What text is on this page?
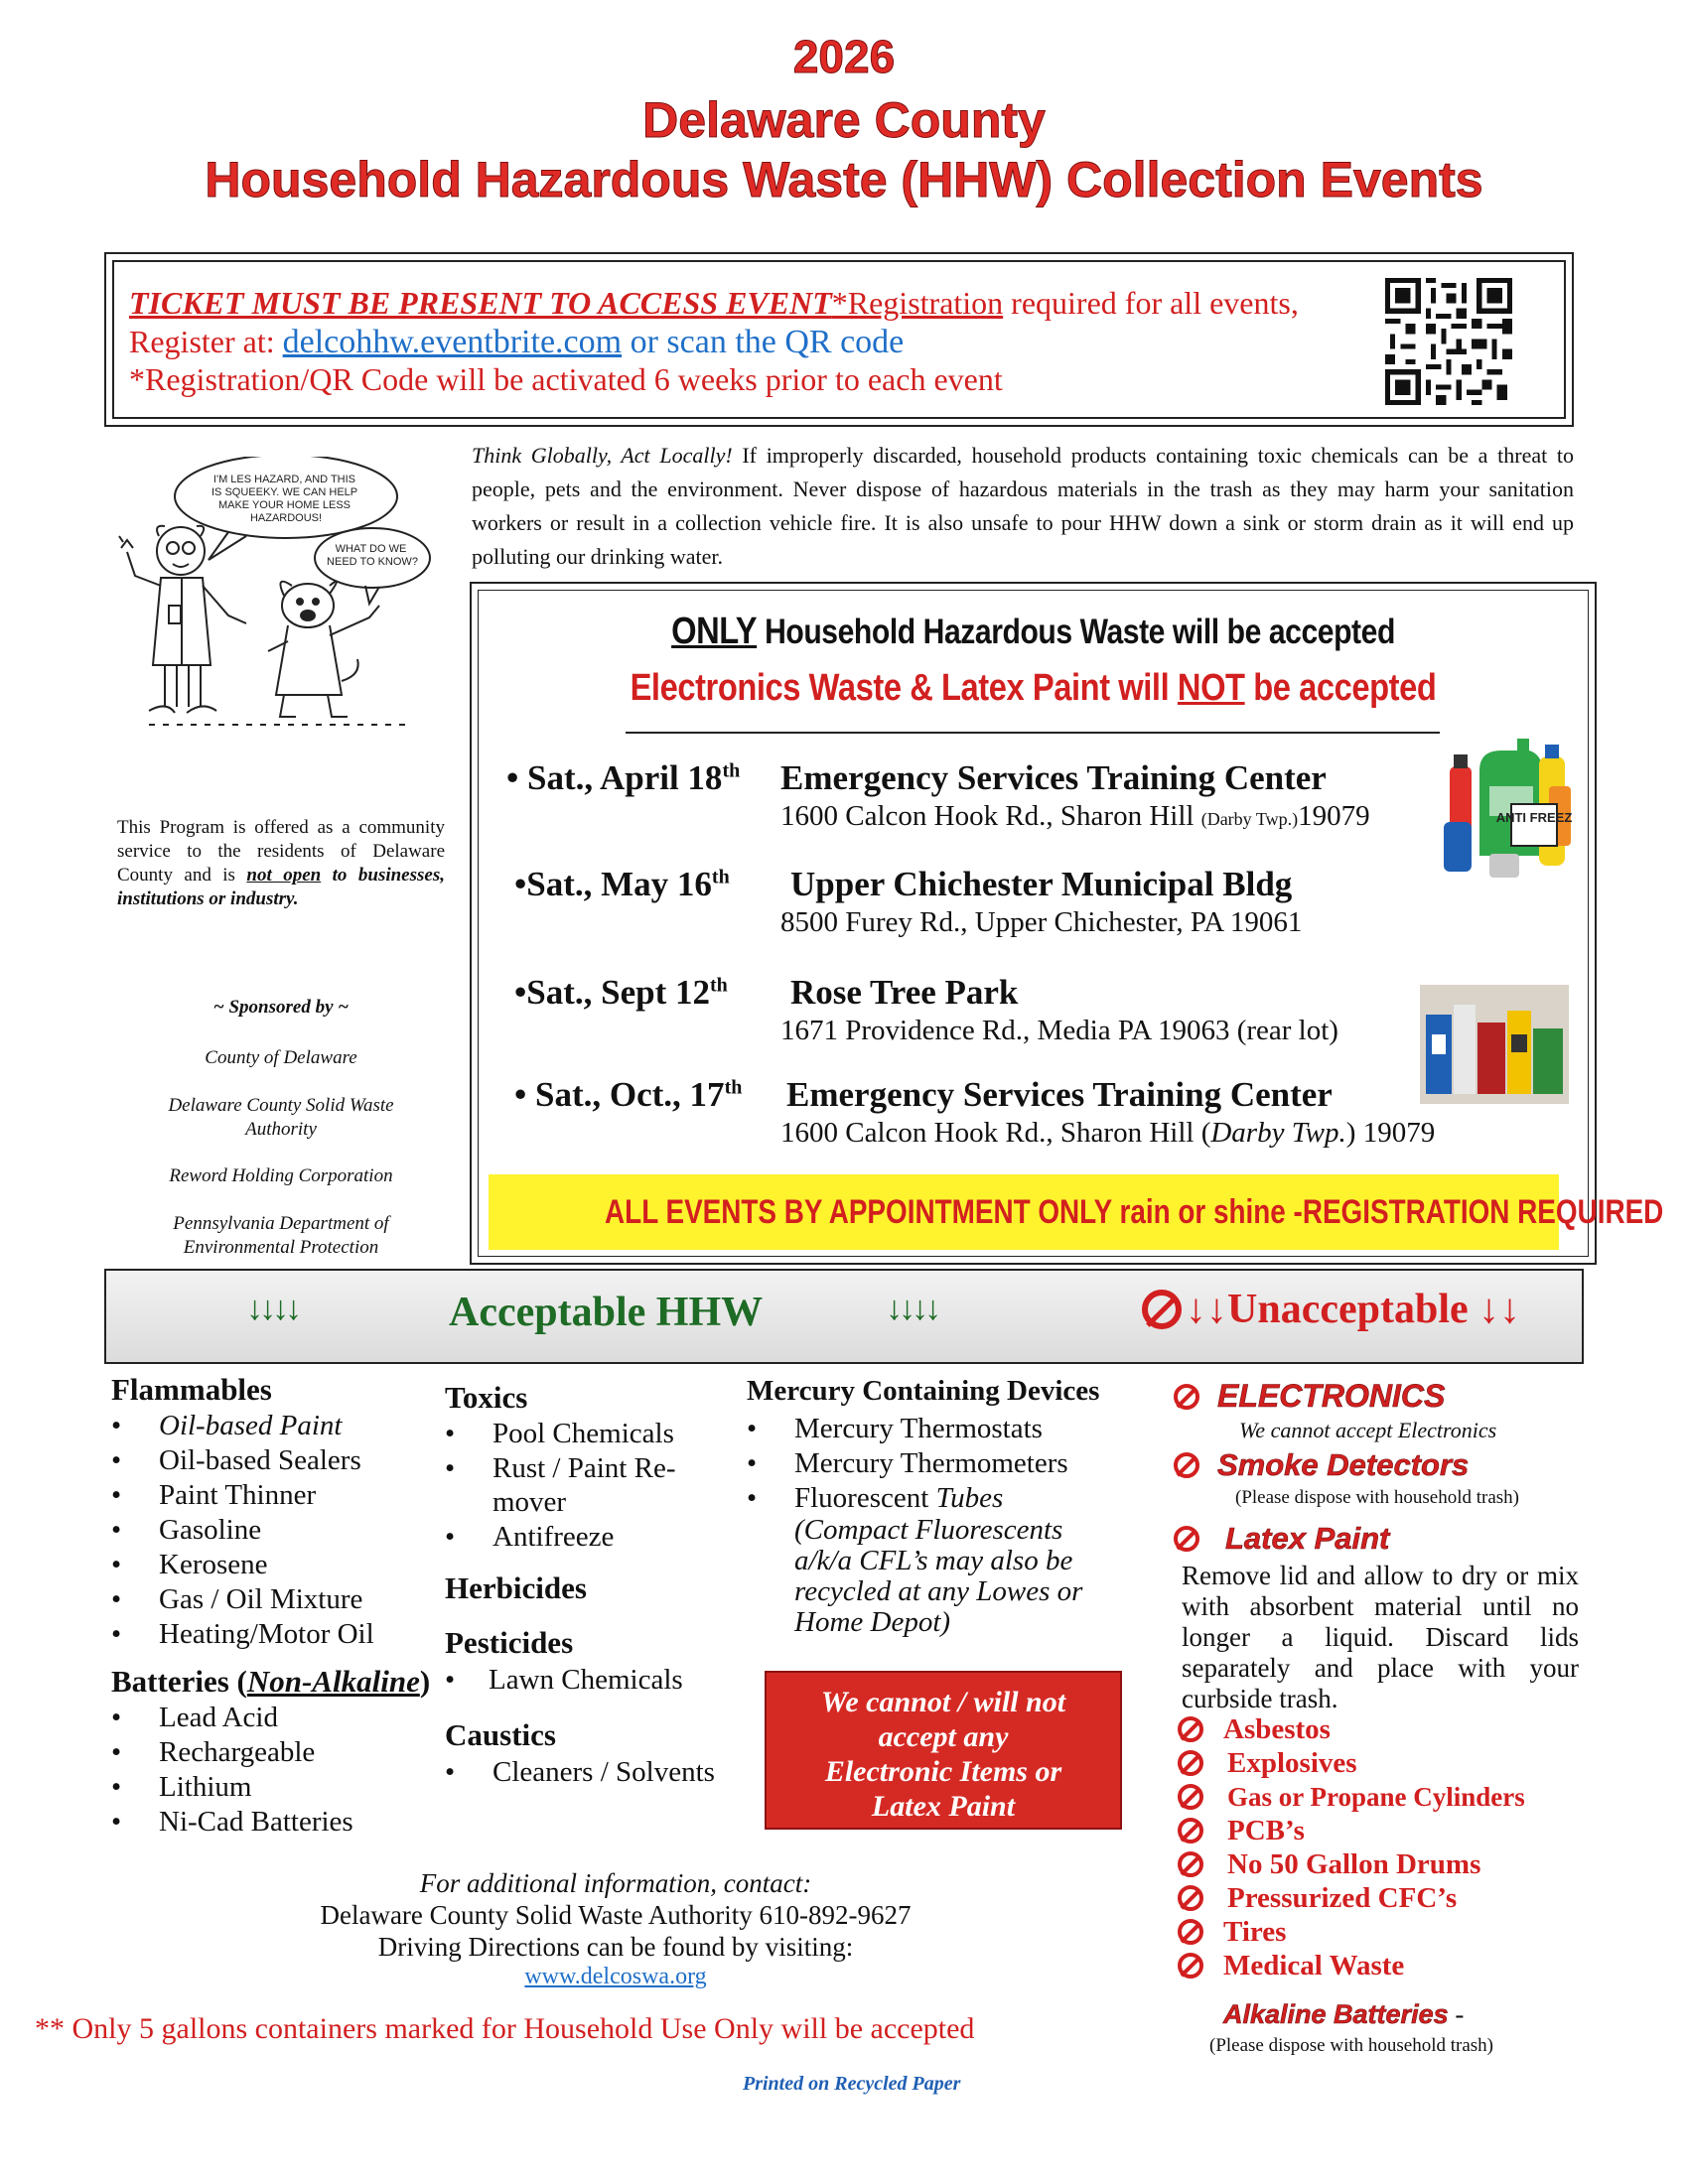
2026
Delaware County
Household Hazardous Waste (HHW) Collection Events
TICKET MUST BE PRESENT TO ACCESS EVENT*Registration required for all events,
Register at: delcohhw.eventbrite.com or scan the QR code
*Registration/QR Code will be activated 6 weeks prior to each event
I'M LES HAZARD, AND THIS IS SQUEEKY. WE CAN HELP MAKE YOUR HOME LESS HAZARDOUS!
WHAT DO WE NEED TO KNOW?
Think Globally, Act Locally! If improperly discarded, household products containing toxic chemicals can be a threat to people, pets and the environment. Never dispose of hazardous materials in the trash as they may harm your sanitation workers or result in a collection vehicle fire. It is also unsafe to pour HHW down a sink or storm drain as it will end up polluting our drinking water.
ONLY Household Hazardous Waste will be accepted
Electronics Waste & Latex Paint will NOT be accepted
• Sat., April 18th Emergency Services Training Center
1600 Calcon Hook Rd., Sharon Hill (Darby Twp.)19079
•Sat., May 16th Upper Chichester Municipal Bldg
8500 Furey Rd., Upper Chichester, PA 19061
•Sat., Sept 12th Rose Tree Park
1671 Providence Rd., Media PA 19063 (rear lot)
• Sat., Oct., 17th Emergency Services Training Center
1600 Calcon Hook Rd., Sharon Hill (Darby Twp.) 19079
ANTI FREEZ
ALL EVENTS BY APPOINTMENT ONLY rain or shine -REGISTRATION REQUIRED
This Program is offered as a community service to the residents of Delaware County and is not open to businesses, institutions or industry.
~ Sponsored by ~
County of Delaware
Delaware County Solid Waste Authority
Reword Holding Corporation
Pennsylvania Department of Environmental Protection
↓↓↓↓	Acceptable HHW	↓↓↓↓	↓↓Unacceptable ↓↓
Flammables
• Oil-based Paint
• Oil-based Sealers
• Paint Thinner
• Gasoline
• Kerosene
• Gas / Oil Mixture
• Heating/Motor Oil
Batteries (Non-Alkaline)
• Lead Acid
• Rechargeable
• Lithium
• Ni-Cad Batteries
Toxics
• Pool Chemicals
• Rust / Paint Re-
mover
• Antifreeze
Herbicides
Pesticides
• Lawn Chemicals
Caustics
• Cleaners / Solvents
Mercury Containing Devices
• Mercury Thermostats
• Mercury Thermometers
• Fluorescent Tubes
(Compact Fluorescents
a/k/a CFL’s may also be
recycled at any Lowes or
Home Depot)
We cannot / will not
accept any
Electronic Items or
Latex Paint
ELECTRONICS
We cannot accept Electronics
Smoke Detectors
(Please dispose with household trash)
Latex Paint
Remove lid and allow to dry or mix with absorbent material until no longer a liquid. Discard lids separately and place with your curbside trash.
Asbestos
Explosives
Gas or Propane Cylinders
PCB’s
No 50 Gallon Drums
Pressurized CFC’s
Tires
Medical Waste
Alkaline Batteries -
(Please dispose with household trash)
For additional information, contact:
Delaware County Solid Waste Authority 610-892-9627
Driving Directions can be found by visiting:
www.delcoswa.org
** Only 5 gallons containers marked for Household Use Only will be accepted
Printed on Recycled Paper
